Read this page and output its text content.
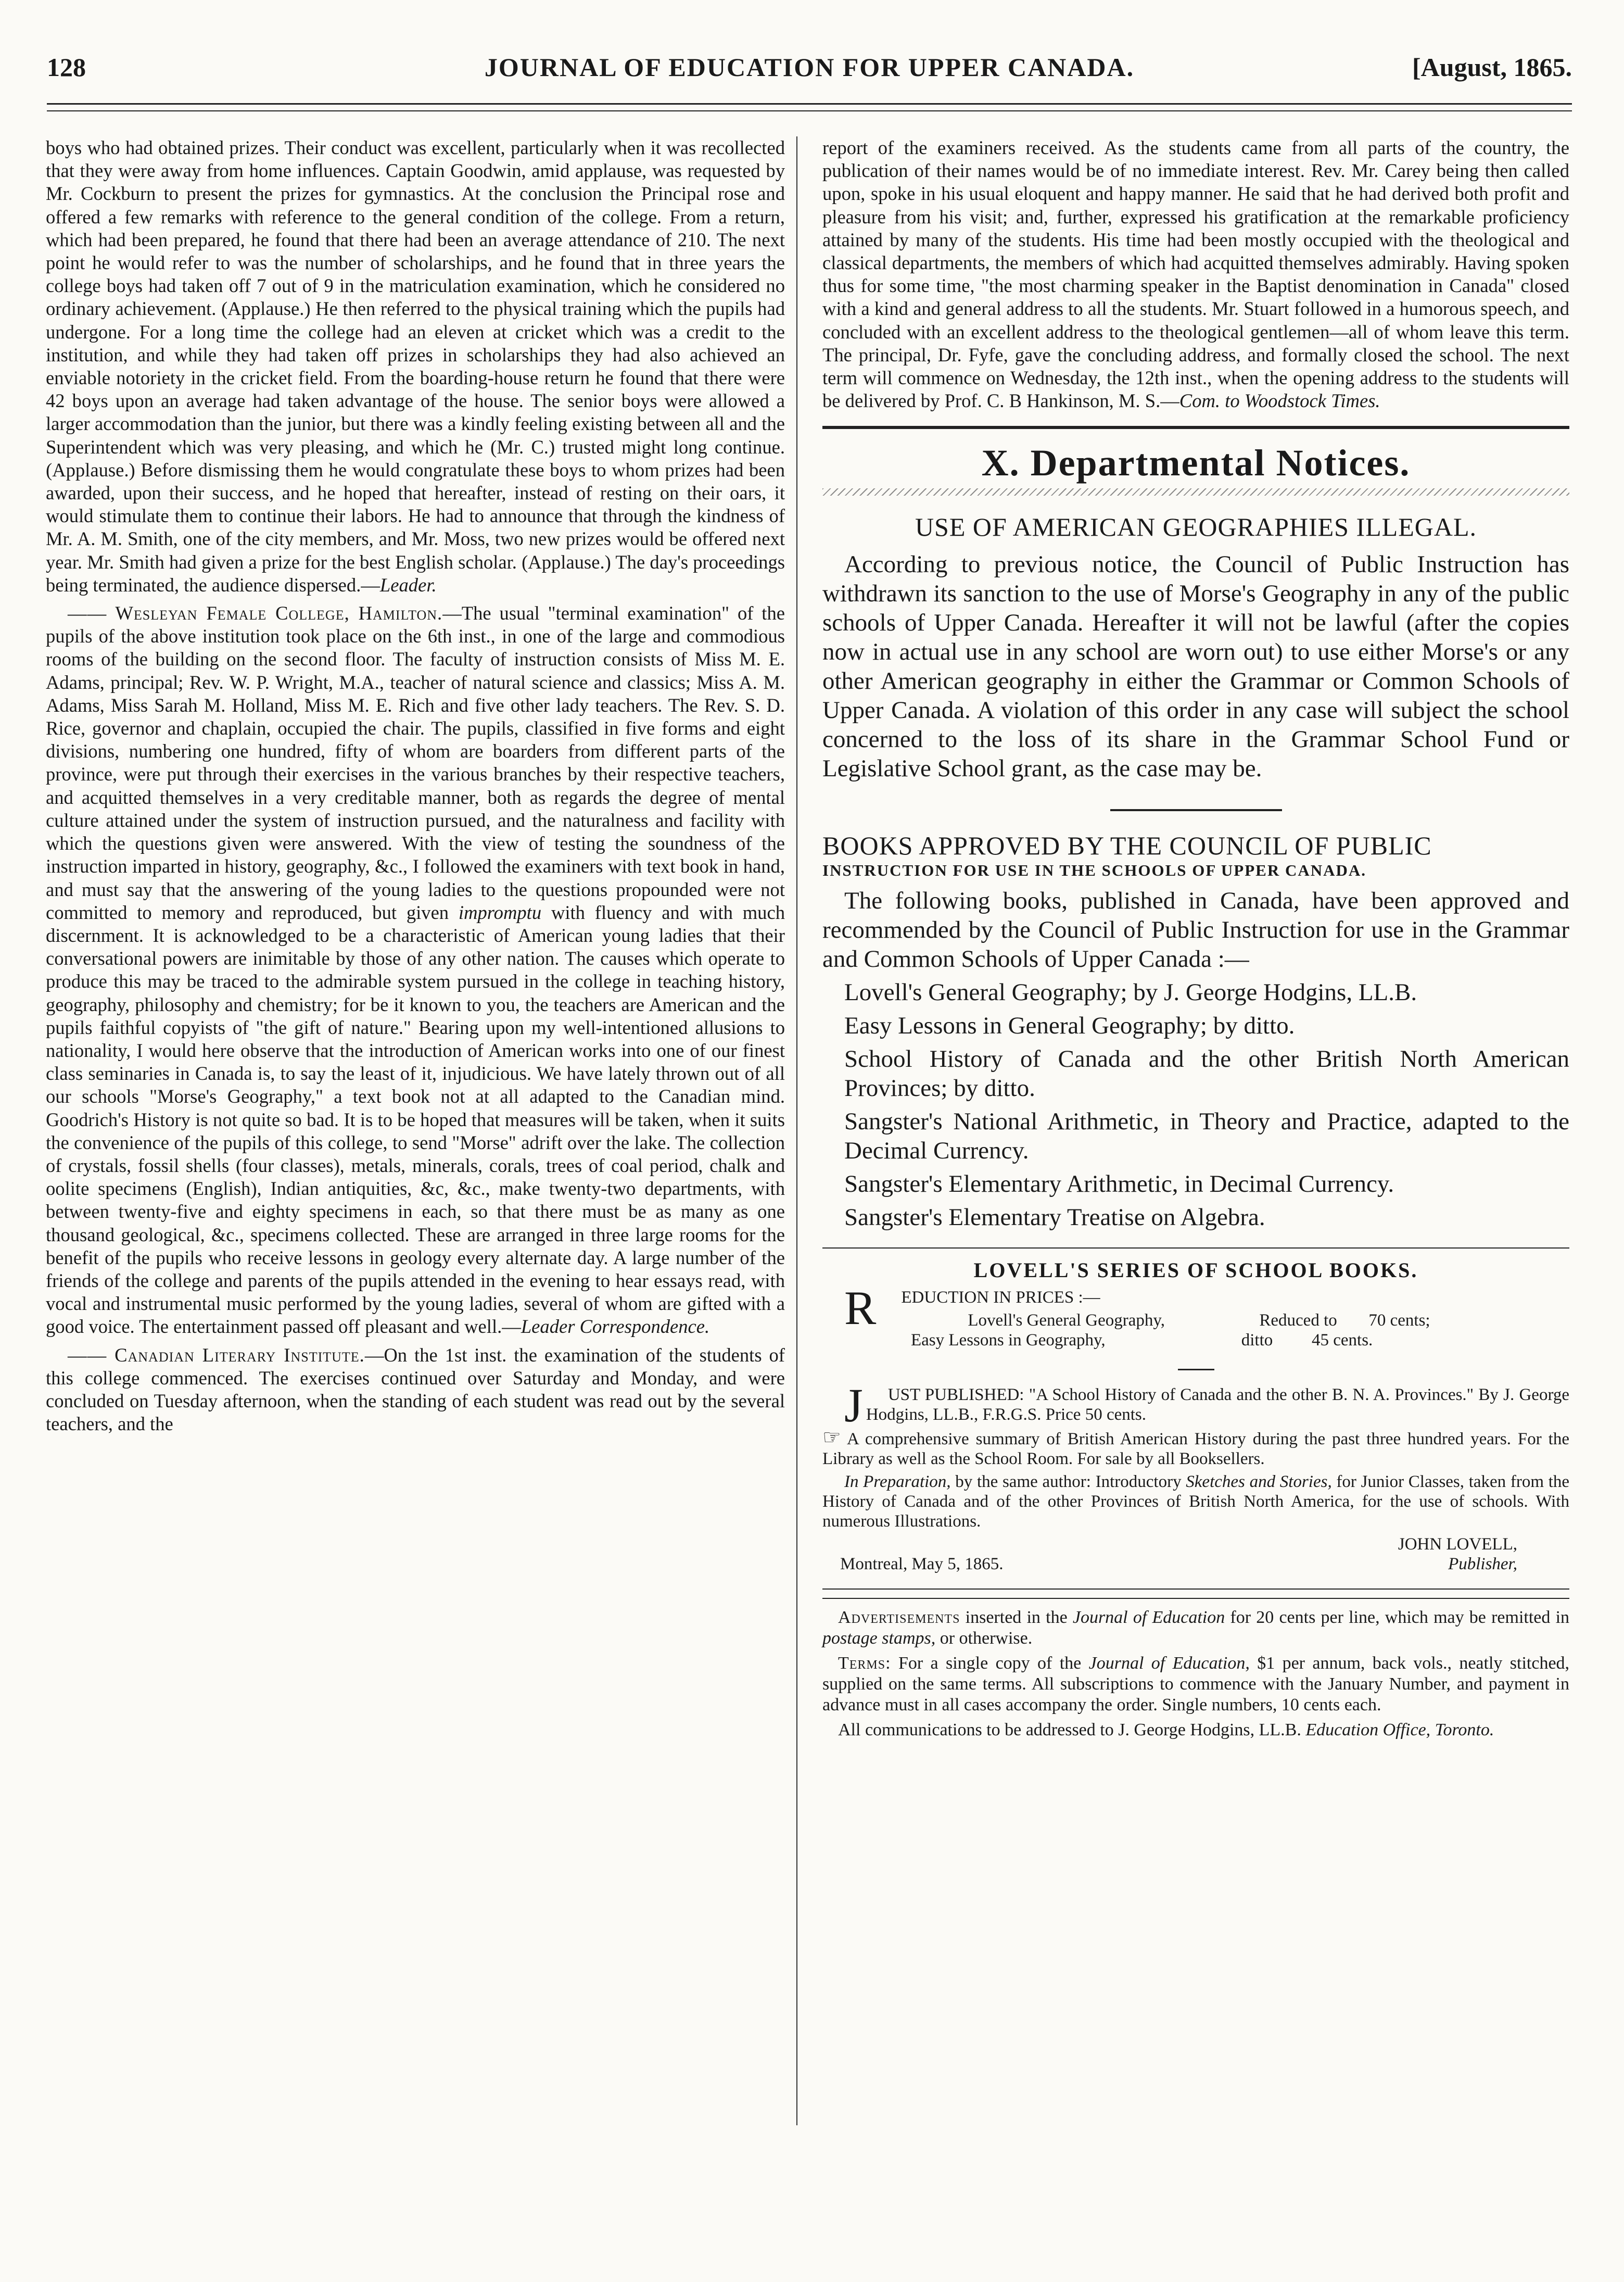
128	JOURNAL OF EDUCATION FOR UPPER CANADA.	[August, 1865.

boys who had obtained prizes. Their conduct was excellent, particularly when it was recollected that they were away from home influences. Captain Goodwin, amid applause, was requested by Mr. Cockburn to present the prizes for gymnastics. At the conclusion the Principal rose and offered a few remarks with reference to the general condition of the college. From a return, which had been prepared, he found that there had been an average attendance of 210. The next point he would refer to was the number of scholarships, and he found that in three years the college boys had taken off 7 out of 9 in the matriculation examination, which he considered no ordinary achievement. (Applause.) He then referred to the physical training which the pupils had undergone. For a long time the college had an eleven at cricket which was a credit to the institution, and while they had taken off prizes in scholarships they had also achieved an enviable notoriety in the cricket field. From the boarding-house return he found that there were 42 boys upon an average had taken advantage of the house. The senior boys were allowed a larger accommodation than the junior, but there was a kindly feeling existing between all and the Superintendent which was very pleasing, and which he (Mr. C.) trusted might long continue. (Applause.) Before dismissing them he would congratulate these boys to whom prizes had been awarded, upon their success, and he hoped that hereafter, instead of resting on their oars, it would stimulate them to continue their labors. He had to announce that through the kindness of Mr. A. M. Smith, one of the city members, and Mr. Moss, two new prizes would be offered next year. Mr. Smith had given a prize for the best English scholar. (Applause.) The day's proceedings being terminated, the audience dispersed.—Leader.

—— Wesleyan Female College, Hamilton.—The usual "terminal examination" of the pupils of the above institution took place on the 6th inst., in one of the large and commodious rooms of the building on the second floor. The faculty of instruction consists of Miss M. E. Adams, principal; Rev. W. P. Wright, M.A., teacher of natural science and classics; Miss A. M. Adams, Miss Sarah M. Holland, Miss M. E. Rich and five other lady teachers. The Rev. S. D. Rice, governor and chaplain, occupied the chair. The pupils, classified in five forms and eight divisions, numbering one hundred, fifty of whom are boarders from different parts of the province, were put through their exercises in the various branches by their respective teachers, and acquitted themselves in a very creditable manner, both as regards the degree of mental culture attained under the system of instruction pursued, and the naturalness and facility with which the questions given were answered. With the view of testing the soundness of the instruction imparted in history, geography, &c., I followed the examiners with text book in hand, and must say that the answering of the young ladies to the questions propounded were not committed to memory and reproduced, but given impromptu with fluency and with much discernment. It is acknowledged to be a characteristic of American young ladies that their conversational powers are inimitable by those of any other nation. The causes which operate to produce this may be traced to the admirable system pursued in the college in teaching history, geography, philosophy and chemistry; for be it known to you, the teachers are American and the pupils faithful copyists of "the gift of nature." Bearing upon my well-intentioned allusions to nationality, I would here observe that the introduction of American works into one of our finest class seminaries in Canada is, to say the least of it, injudicious. We have lately thrown out of all our schools "Morse's Geography," a text book not at all adapted to the Canadian mind. Goodrich's History is not quite so bad. It is to be hoped that measures will be taken, when it suits the convenience of the pupils of this college, to send "Morse" adrift over the lake. The collection of crystals, fossil shells (four classes), metals, minerals, corals, trees of coal period, chalk and oolite specimens (English), Indian antiquities, &c, &c., make twenty-two departments, with between twenty-five and eighty specimens in each, so that there must be as many as one thousand geological, &c., specimens collected. These are arranged in three large rooms for the benefit of the pupils who receive lessons in geology every alternate day. A large number of the friends of the college and parents of the pupils attended in the evening to hear essays read, with vocal and instrumental music performed by the young ladies, several of whom are gifted with a good voice. The entertainment passed off pleasant and well.—Leader Correspondence.

—— Canadian Literary Institute.—On the 1st inst. the examination of the students of this college commenced. The exercises continued over Saturday and Monday, and were concluded on Tuesday afternoon, when the standing of each student was read out by the several teachers, and the

report of the examiners received. As the students came from all parts of the country, the publication of their names would be of no immediate interest. Rev. Mr. Carey being then called upon, spoke in his usual eloquent and happy manner. He said that he had derived both profit and pleasure from his visit; and, further, expressed his gratification at the remarkable proficiency attained by many of the students. His time had been mostly occupied with the theological and classical departments, the members of which had acquitted themselves admirably. Having spoken thus for some time, "the most charming speaker in the Baptist denomination in Canada" closed with a kind and general address to all the students. Mr. Stuart followed in a humorous speech, and concluded with an excellent address to the theological gentlemen—all of whom leave this term. The principal, Dr. Fyfe, gave the concluding address, and formally closed the school. The next term will commence on Wednesday, the 12th inst., when the opening address to the students will be delivered by Prof. C. B Hankinson, M. S.—Com. to Woodstock Times.

X. Departmental Notices.
USE OF AMERICAN GEOGRAPHIES ILLEGAL.

According to previous notice, the Council of Public Instruction has withdrawn its sanction to the use of Morse's Geography in any of the public schools of Upper Canada. Hereafter it will not be lawful (after the copies now in actual use in any school are worn out) to use either Morse's or any other American geography in either the Grammar or Common Schools of Upper Canada. A violation of this order in any case will subject the school concerned to the loss of its share in the Grammar School Fund or Legislative School grant, as the case may be.

BOOKS APPROVED BY THE COUNCIL OF PUBLIC
INSTRUCTION FOR USE IN THE SCHOOLS OF UPPER CANADA.

The following books, published in Canada, have been approved and recommended by the Council of Public Instruction for use in the Grammar and Common Schools of Upper Canada :—

Lovell's General Geography; by J. George Hodgins, LL.B.
Easy Lessons in General Geography; by ditto.
School History of Canada and the other British North American Provinces; by ditto.
Sangster's National Arithmetic, in Theory and Practice, adapted to the Decimal Currency.
Sangster's Elementary Arithmetic, in Decimal Currency.
Sangster's Elementary Treatise on Algebra.
LOVELL'S SERIES OF SCHOOL BOOKS.

R EDUCTION IN PRICES :—

Lovell's General Geography,	Reduced to	70 cents;
Easy Lessons in Geography,	ditto	45 cents.

J UST PUBLISHED: "A School History of Canada and the other B. N. A. Provinces." By J. George Hodgins, LL.B., F.R.G.S. Price 50 cents.

☞ A comprehensive summary of British American History during the past three hundred years. For the Library as well as the School Room. For sale by all Booksellers.

In Preparation, by the same author: Introductory Sketches and Stories, for Junior Classes, taken from the History of Canada and of the other Provinces of British North America, for the use of schools. With numerous Illustrations.

JOHN LOVELL,
Montreal, May 5, 1865.	Publisher,

Advertisements inserted in the Journal of Education for 20 cents per line, which may be remitted in postage stamps, or otherwise.

Terms: For a single copy of the Journal of Education, $1 per annum, back vols., neatly stitched, supplied on the same terms. All subscriptions to commence with the January Number, and payment in advance must in all cases accompany the order. Single numbers, 10 cents each.

All communications to be addressed to J. George Hodgins, LL.B. Education Office, Toronto.
